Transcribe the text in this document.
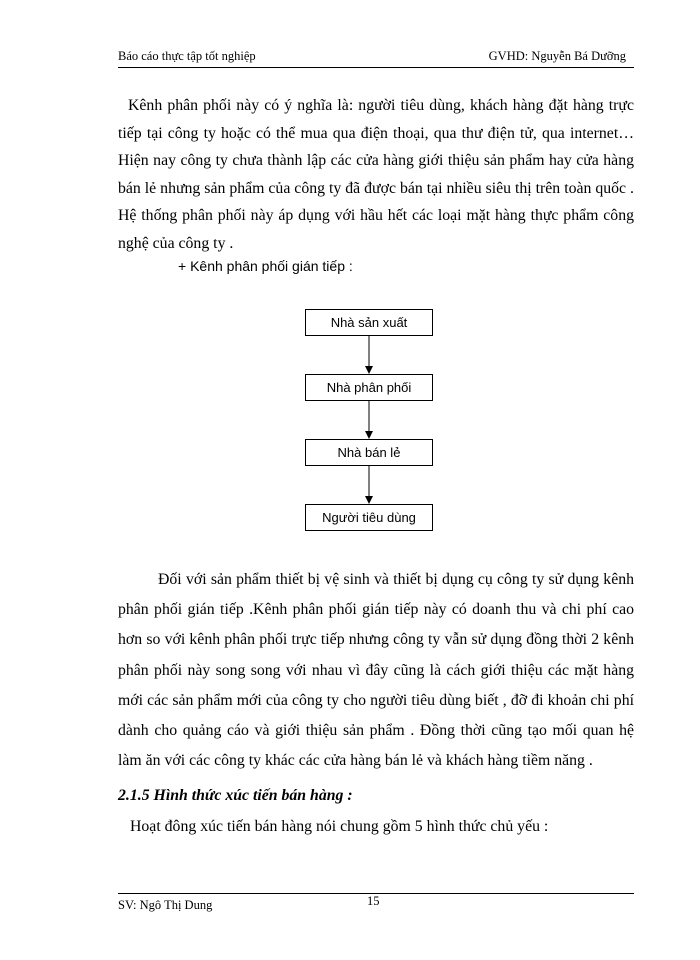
Báo cáo thực tập tốt nghiệp	GVHD: Nguyễn Bá Dưỡng
Kênh phân phối này có ý nghĩa là: người tiêu dùng, khách hàng đặt hàng trực tiếp tại công ty hoặc có thể mua qua điện thoại, qua thư điện tử, qua internet… Hiện nay công ty chưa thành lập các cửa hàng giới thiệu sản phẩm hay cửa hàng bán lẻ nhưng sản phẩm của công ty đã được bán tại nhiều siêu thị trên toàn quốc . Hệ thống phân phối này áp dụng với hầu hết các loại mặt hàng thực phẩm công nghệ của công ty .
+ Kênh phân phối gián tiếp :
Nhà sản xuất
Nhà phân phối
Nhà bán lẻ
Người tiêu dùng
Đối với sản phẩm thiết bị vệ sinh và thiết bị dụng cụ công ty sử dụng kênh phân phối gián tiếp .Kênh phân phối gián tiếp này có doanh thu và chi phí cao hơn so với kênh phân phối trực tiếp nhưng công ty vẫn sử dụng đồng thời 2 kênh phân phối này song song với nhau vì đây cũng là cách giới thiệu các mặt hàng mới các sản phẩm mới của công ty cho người tiêu dùng biết , đỡ đi khoản chi phí dành cho quảng cáo và giới thiệu sản phẩm . Đồng thời cũng tạo mối quan hệ làm ăn với các công ty khác các cửa hàng bán lẻ và khách hàng tiềm năng .
2.1.5 Hình thức xúc tiến bán hàng :
Hoạt đông xúc tiến bán hàng nói chung gồm 5 hình thức chủ yếu :
SV: Ngô Thị Dung	15
